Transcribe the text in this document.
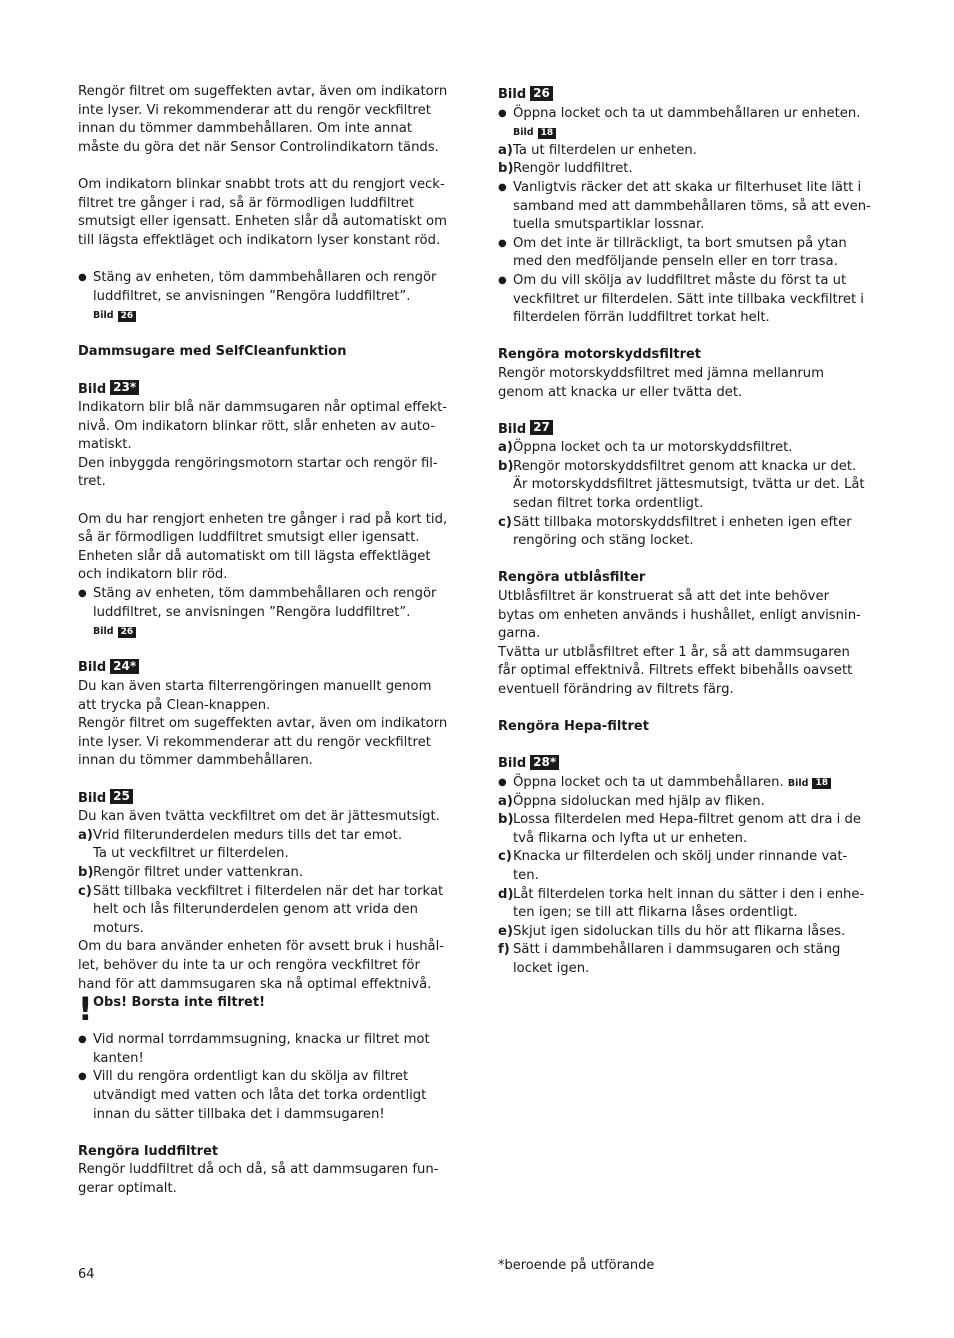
Rengör filtret om sugeffekten avtar, även om indikatorn
inte lyser. Vi rekommenderar att du rengör veckfiltret
innan du tömmer dammbehållaren. Om inte annat
måste du göra det när Sensor Controlindikatorn tänds.

Om indikatorn blinkar snabbt trots att du rengjort veck-
filtret tre gånger i rad, så är förmodligen luddfiltret
smutsigt eller igensatt. Enheten slår då automatiskt om
till lägsta effektläget och indikatorn lyser konstant röd.

● Stäng av enheten, töm dammbehållaren och rengör
luddfiltret, se anvisningen ”Rengöra luddfiltret”.

Bild 26

Dammsugare med SelfCleanfunktion

Bild 23*

Indikatorn blir blå när dammsugaren når optimal effekt-
nivå. Om indikatorn blinkar rött, slår enheten av auto-
matiskt.
Den inbyggda rengöringsmotorn startar och rengör fil-
tret.

Om du har rengjort enheten tre gånger i rad på kort tid,
så är förmodligen luddfiltret smutsigt eller igensatt.
Enheten slår då automatiskt om till lägsta effektläget
och indikatorn blir röd.

● Stäng av enheten, töm dammbehållaren och rengör
luddfiltret, se anvisningen ”Rengöra luddfiltret”.

Bild 26
Bild 24*

Du kan även starta filterrengöringen manuellt genom
att trycka på Clean-knappen.
Rengör filtret om sugeffekten avtar, även om indikatorn
inte lyser. Vi rekommenderar att du rengör veckfiltret
innan du tömmer dammbehållaren.

Bild 25

Du kan även tvätta veckfiltret om det är jättesmutsigt.

a) Vrid filterunderdelen medurs tills det tar emot.
Ta ut veckfiltret ur filterdelen.
b) Rengör filtret under vattenkran.
c) Sätt tillbaka veckfiltret i filterdelen när det har torkat
helt och lås filterunderdelen genom att vrida den
moturs.

Om du bara använder enheten för avsett bruk i hushål-
let, behöver du inte ta ur och rengöra veckfiltret för
hand för att dammsugaren ska nå optimal effektnivå.

! Obs! Borsta inte filtret!
● Vid normal torrdammsugning, knacka ur filtret mot
kanten!
● Vill du rengöra ordentligt kan du skölja av filtret
utvändigt med vatten och låta det torka ordentligt
innan du sätter tillbaka det i dammsugaren!

Rengöra luddfiltret

Rengör luddfiltret då och då, så att dammsugaren fun-
gerar optimalt.

Bild 26
● Öppna locket och ta ut dammbehållaren ur enheten.

Bild 18
a) Ta ut filterdelen ur enheten.
b) Rengör luddfiltret.
● Vanligtvis räcker det att skaka ur filterhuset lite lätt i
samband med att dammbehållaren töms, så att even-
tuella smutspartiklar lossnar.
● Om det inte är tillräckligt, ta bort smutsen på ytan
med den medföljande penseln eller en torr trasa.
● Om du vill skölja av luddfiltret måste du först ta ut
veckfiltret ur filterdelen. Sätt inte tillbaka veckfiltret i
filterdelen förrän luddfiltret torkat helt.

Rengöra motorskyddsfiltret

Rengör motorskyddsfiltret med jämna mellanrum
genom att knacka ur eller tvätta det.

Bild 27
a) Öppna locket och ta ur motorskyddsfiltret.
b) Rengör motorskyddsfiltret genom att knacka ur det.
Är motorskyddsfiltret jättesmutsigt, tvätta ur det. Låt
sedan filtret torka ordentligt.
c) Sätt tillbaka motorskyddsfiltret i enheten igen efter
rengöring och stäng locket.

Rengöra utblåsfilter

Utblåsfiltret är konstruerat så att det inte behöver
bytas om enheten används i hushållet, enligt anvisnin-
garna.
Tvätta ur utblåsfiltret efter 1 år, så att dammsugaren
får optimal effektnivå. Filtrets effekt bibehålls oavsett
eventuell förändring av filtrets färg.

Rengöra Hepa-filtret

Bild 28*
● Öppna locket och ta ut dammbehållaren. Bild 18
a) Öppna sidoluckan med hjälp av fliken.
b) Lossa filterdelen med Hepa-filtret genom att dra i de
två flikarna och lyfta ut ur enheten.
c) Knacka ur filterdelen och skölj under rinnande vat-
ten.
d) Låt filterdelen torka helt innan du sätter i den i enhe-
ten igen; se till att flikarna låses ordentligt.
e) Skjut igen sidoluckan tills du hör att flikarna låses.
f) Sätt i dammbehållaren i dammsugaren och stäng
locket igen.
64
*beroende på utförande
